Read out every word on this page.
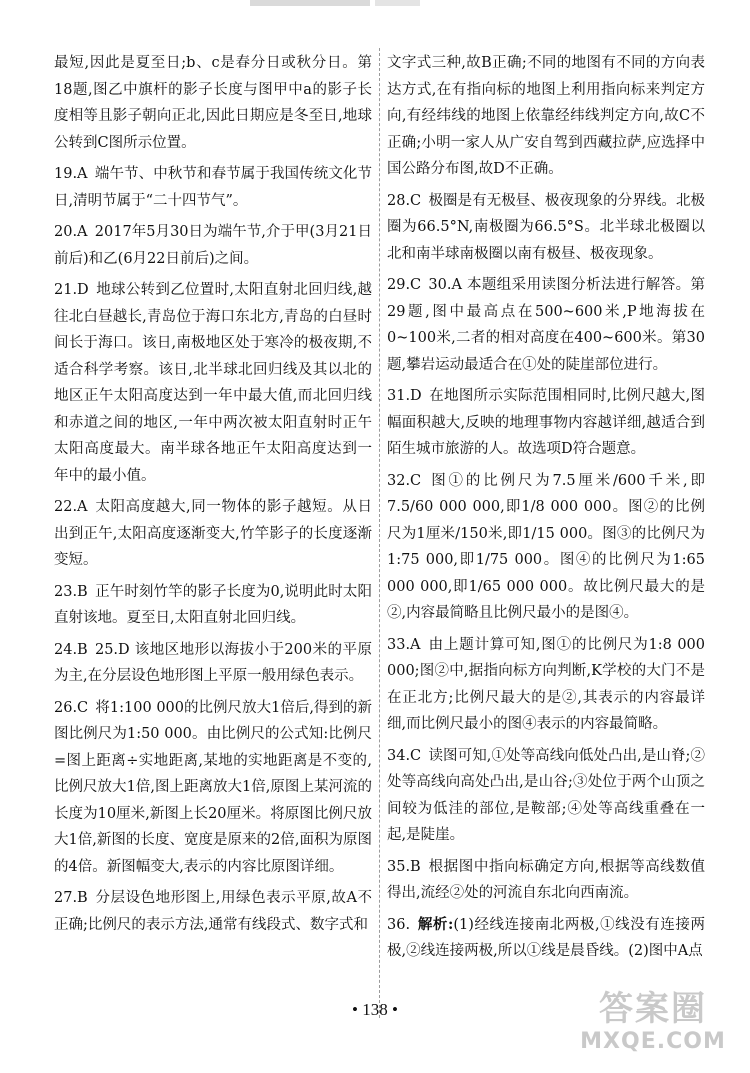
最短,因此是夏至日;b、c是春分日或秋分日。第18题,图乙中旗杆的影子长度与图甲中a的影子长度相等且影子朝向正北,因此日期应是冬至日,地球公转到C图所示位置。

19.A  端午节、中秋节和春节属于我国传统文化节日,清明节属于“二十四节气”。

20.A  2017年5月30日为端午节,介于甲(3月21日前后)和乙(6月22日前后)之间。

21.D  地球公转到乙位置时,太阳直射北回归线,越往北白昼越长,青岛位于海口东北方,青岛的白昼时间长于海口。该日,南极地区处于寒冷的极夜期,不适合科学考察。该日,北半球北回归线及其以北的地区正午太阳高度达到一年中最大值,而北回归线和赤道之间的地区,一年中两次被太阳直射时正午太阳高度最大。南半球各地正午太阳高度达到一年中的最小值。

22.A  太阳高度越大,同一物体的影子越短。从日出到正午,太阳高度逐渐变大,竹竿影子的长度逐渐变短。

23.B  正午时刻竹竿的影子长度为0,说明此时太阳直射该地。夏至日,太阳直射北回归线。

24.B  25.D 该地区地形以海拔小于200米的平原为主,在分层设色地形图上平原一般用绿色表示。

26.C  将1:100 000的比例尺放大1倍后,得到的新图比例尺为1:50 000。由比例尺的公式知:比例尺=图上距离÷实地距离,某地的实地距离是不变的,比例尺放大1倍,图上距离放大1倍,原图上某河流的长度为10厘米,新图上长20厘米。将原图比例尺放大1倍,新图的长度、宽度是原来的2倍,面积为原图的4倍。新图幅变大,表示的内容比原图详细。

27.B  分层设色地形图上,用绿色表示平原,故A不正确;比例尺的表示方法,通常有线段式、数字式和

文字式三种,故B正确;不同的地图有不同的方向表达方式,在有指向标的地图上利用指向标来判定方向,有经纬线的地图上依靠经纬线判定方向,故C不正确;小明一家人从广安自驾到西藏拉萨,应选择中国公路分布图,故D不正确。

28.C  极圈是有无极昼、极夜现象的分界线。北极圈为66.5°N,南极圈为66.5°S。北半球北极圈以北和南半球南极圈以南有极昼、极夜现象。

29.C  30.A 本题组采用读图分析法进行解答。第29题,图中最高点在500~600米,P地海拔在0~100米,二者的相对高度在400~600米。第30题,攀岩运动最适合在①处的陡崖部位进行。

31.D  在地图所示实际范围相同时,比例尺越大,图幅面积越大,反映的地理事物内容越详细,越适合到陌生城市旅游的人。故选项D符合题意。

32.C  图①的比例尺为7.5厘米/600千米,即7.5/60 000 000,即1/8 000 000。图②的比例尺为1厘米/150米,即1/15 000。图③的比例尺为1:75 000,即1/75 000。图④的比例尺为1:65 000 000,即1/65 000 000。故比例尺最大的是②,内容最简略且比例尺最小的是图④。

33.A  由上题计算可知,图①的比例尺为1:8 000 000;图②中,据指向标方向判断,K学校的大门不是在正北方;比例尺最大的是②,其表示的内容最详细,而比例尺最小的图④表示的内容最简略。

34.C  读图可知,①处等高线向低处凸出,是山脊;②处等高线向高处凸出,是山谷;③处位于两个山顶之间较为低洼的部位,是鞍部;④处等高线重叠在一起,是陡崖。

35.B  根据图中指向标确定方向,根据等高线数值得出,流经②处的河流自东北向西南流。

36.  解析:(1)经线连接南北两极,①线没有连接两极,②线连接两极,所以①线是晨昏线。(2)图中A点

• 138 •	答案圈
MXQE.COM
